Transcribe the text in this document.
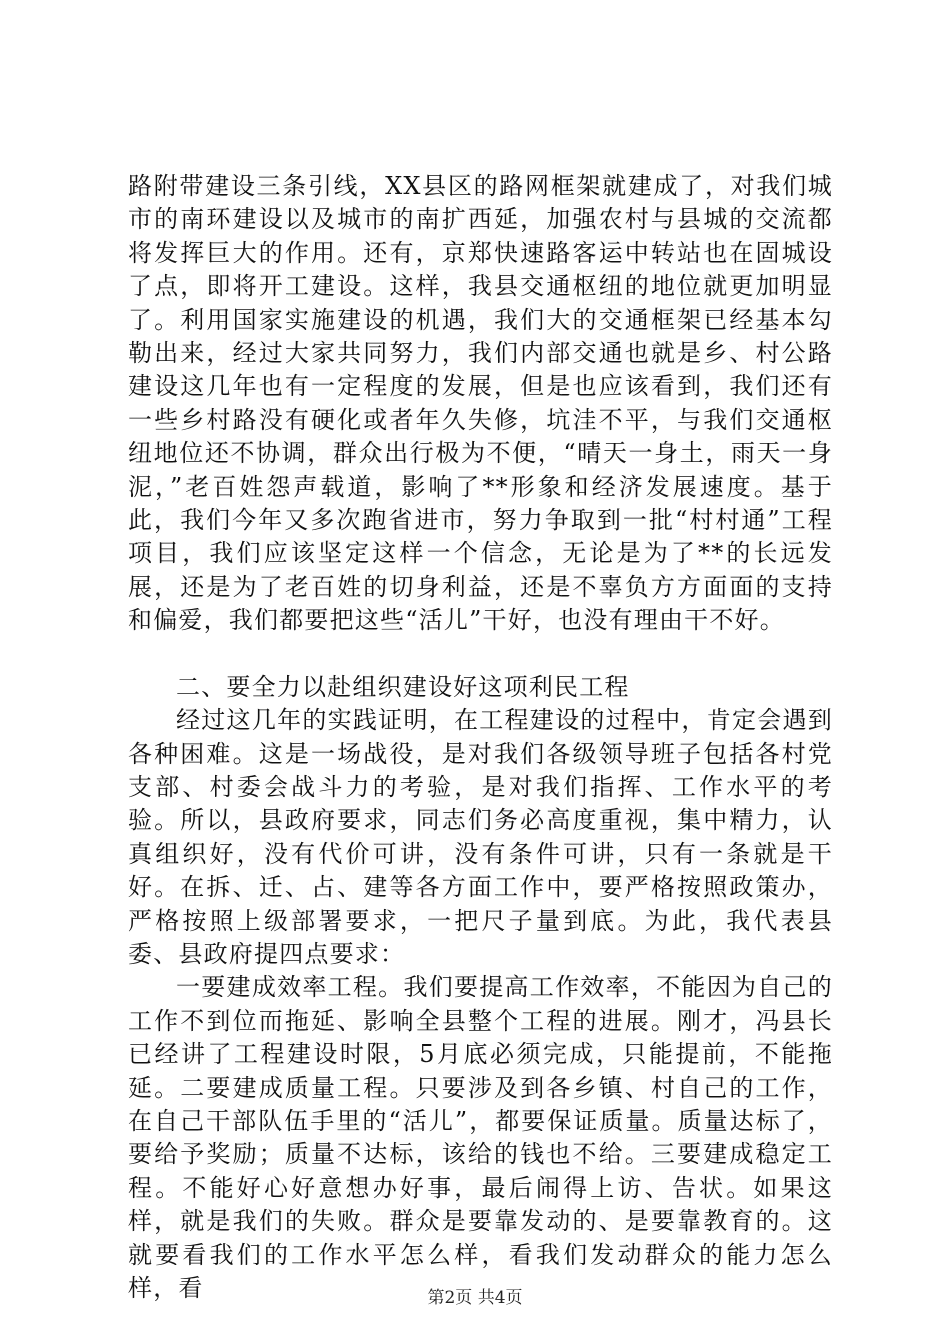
路附带建设三条引线，XX县区的路网框架就建成了，对我们城市的南环建设以及城市的南扩西延，加强农村与县城的交流都将发挥巨大的作用。还有，京郑快速路客运中转站也在固城设了点，即将开工建设。这样，我县交通枢纽的地位就更加明显了。利用国家实施建设的机遇，我们大的交通框架已经基本勾勒出来，经过大家共同努力，我们内部交通也就是乡、村公路建设这几年也有一定程度的发展，但是也应该看到，我们还有一些乡村路没有硬化或者年久失修，坑洼不平，与我们交通枢纽地位还不协调，群众出行极为不便，“晴天一身土，雨天一身泥，”老百姓怨声载道，影响了**形象和经济发展速度。基于此，我们今年又多次跑省进市，努力争取到一批“村村通”工程项目，我们应该坚定这样一个信念，无论是为了**的长远发展，还是为了老百姓的切身利益，还是不辜负方方面面的支持和偏爱，我们都要把这些“活儿”干好，也没有理由干不好。

二、要全力以赴组织建设好这项利民工程

经过这几年的实践证明，在工程建设的过程中，肯定会遇到各种困难。这是一场战役，是对我们各级领导班子包括各村党支部、村委会战斗力的考验，是对我们指挥、工作水平的考验。所以，县政府要求，同志们务必高度重视，集中精力，认真组织好，没有代价可讲，没有条件可讲，只有一条就是干好。在拆、迁、占、建等各方面工作中，要严格按照政策办，严格按照上级部署要求，一把尺子量到底。为此，我代表县委、县政府提四点要求：

一要建成效率工程。我们要提高工作效率，不能因为自己的工作不到位而拖延、影响全县整个工程的进展。刚才，冯县长已经讲了工程建设时限，5月底必须完成，只能提前，不能拖延。二要建成质量工程。只要涉及到各乡镇、村自己的工作，在自己干部队伍手里的“活儿”，都要保证质量。质量达标了，要给予奖励；质量不达标，该给的钱也不给。三要建成稳定工程。不能好心好意想办好事，最后闹得上访、告状。如果这样，就是我们的失败。群众是要靠发动的、是要靠教育的。这就要看我们的工作水平怎么样，看我们发动群众的能力怎么样，看	第2页 共4页
